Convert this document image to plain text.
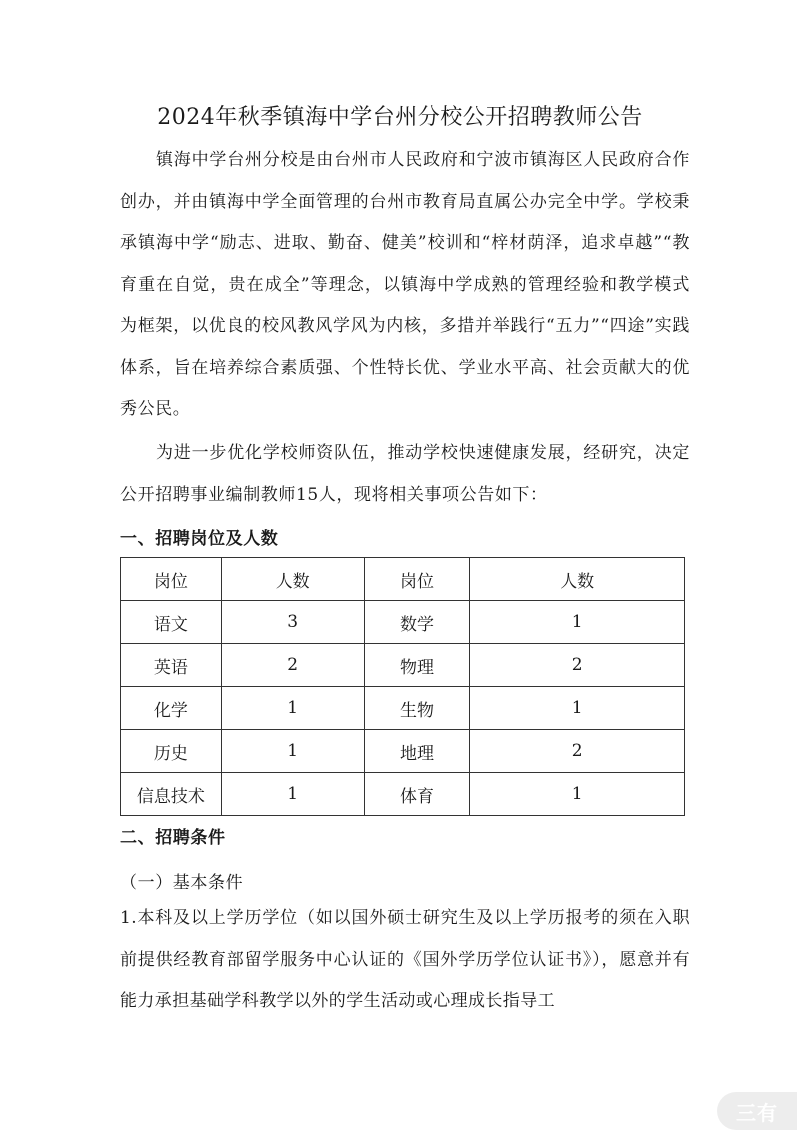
2024年秋季镇海中学台州分校公开招聘教师公告

镇海中学台州分校是由台州市人民政府和宁波市镇海区人民政府合作创办，并由镇海中学全面管理的台州市教育局直属公办完全中学。学校秉承镇海中学“励志、进取、勤奋、健美”校训和“梓材荫泽，追求卓越”“教育重在自觉，贵在成全”等理念，以镇海中学成熟的管理经验和教学模式为框架，以优良的校风教风学风为内核，多措并举践行“五力”“四途”实践体系，旨在培养综合素质强、个性特长优、学业水平高、社会贡献大的优秀公民。

为进一步优化学校师资队伍，推动学校快速健康发展，经研究，决定公开招聘事业编制教师15人，现将相关事项公告如下：

一、招聘岗位及人数
岗位	人数	岗位	人数
语文	3	数学	1
英语	2	物理	2
化学	1	生物	1
历史	1	地理	2
信息技术	1	体育	1
二、招聘条件
（一）基本条件

1.本科及以上学历学位（如以国外硕士研究生及以上学历报考的须在入职前提供经教育部留学服务中心认证的《国外学历学位认证书》），愿意并有能力承担基础学科教学以外的学生活动或心理成长指导工

三有
